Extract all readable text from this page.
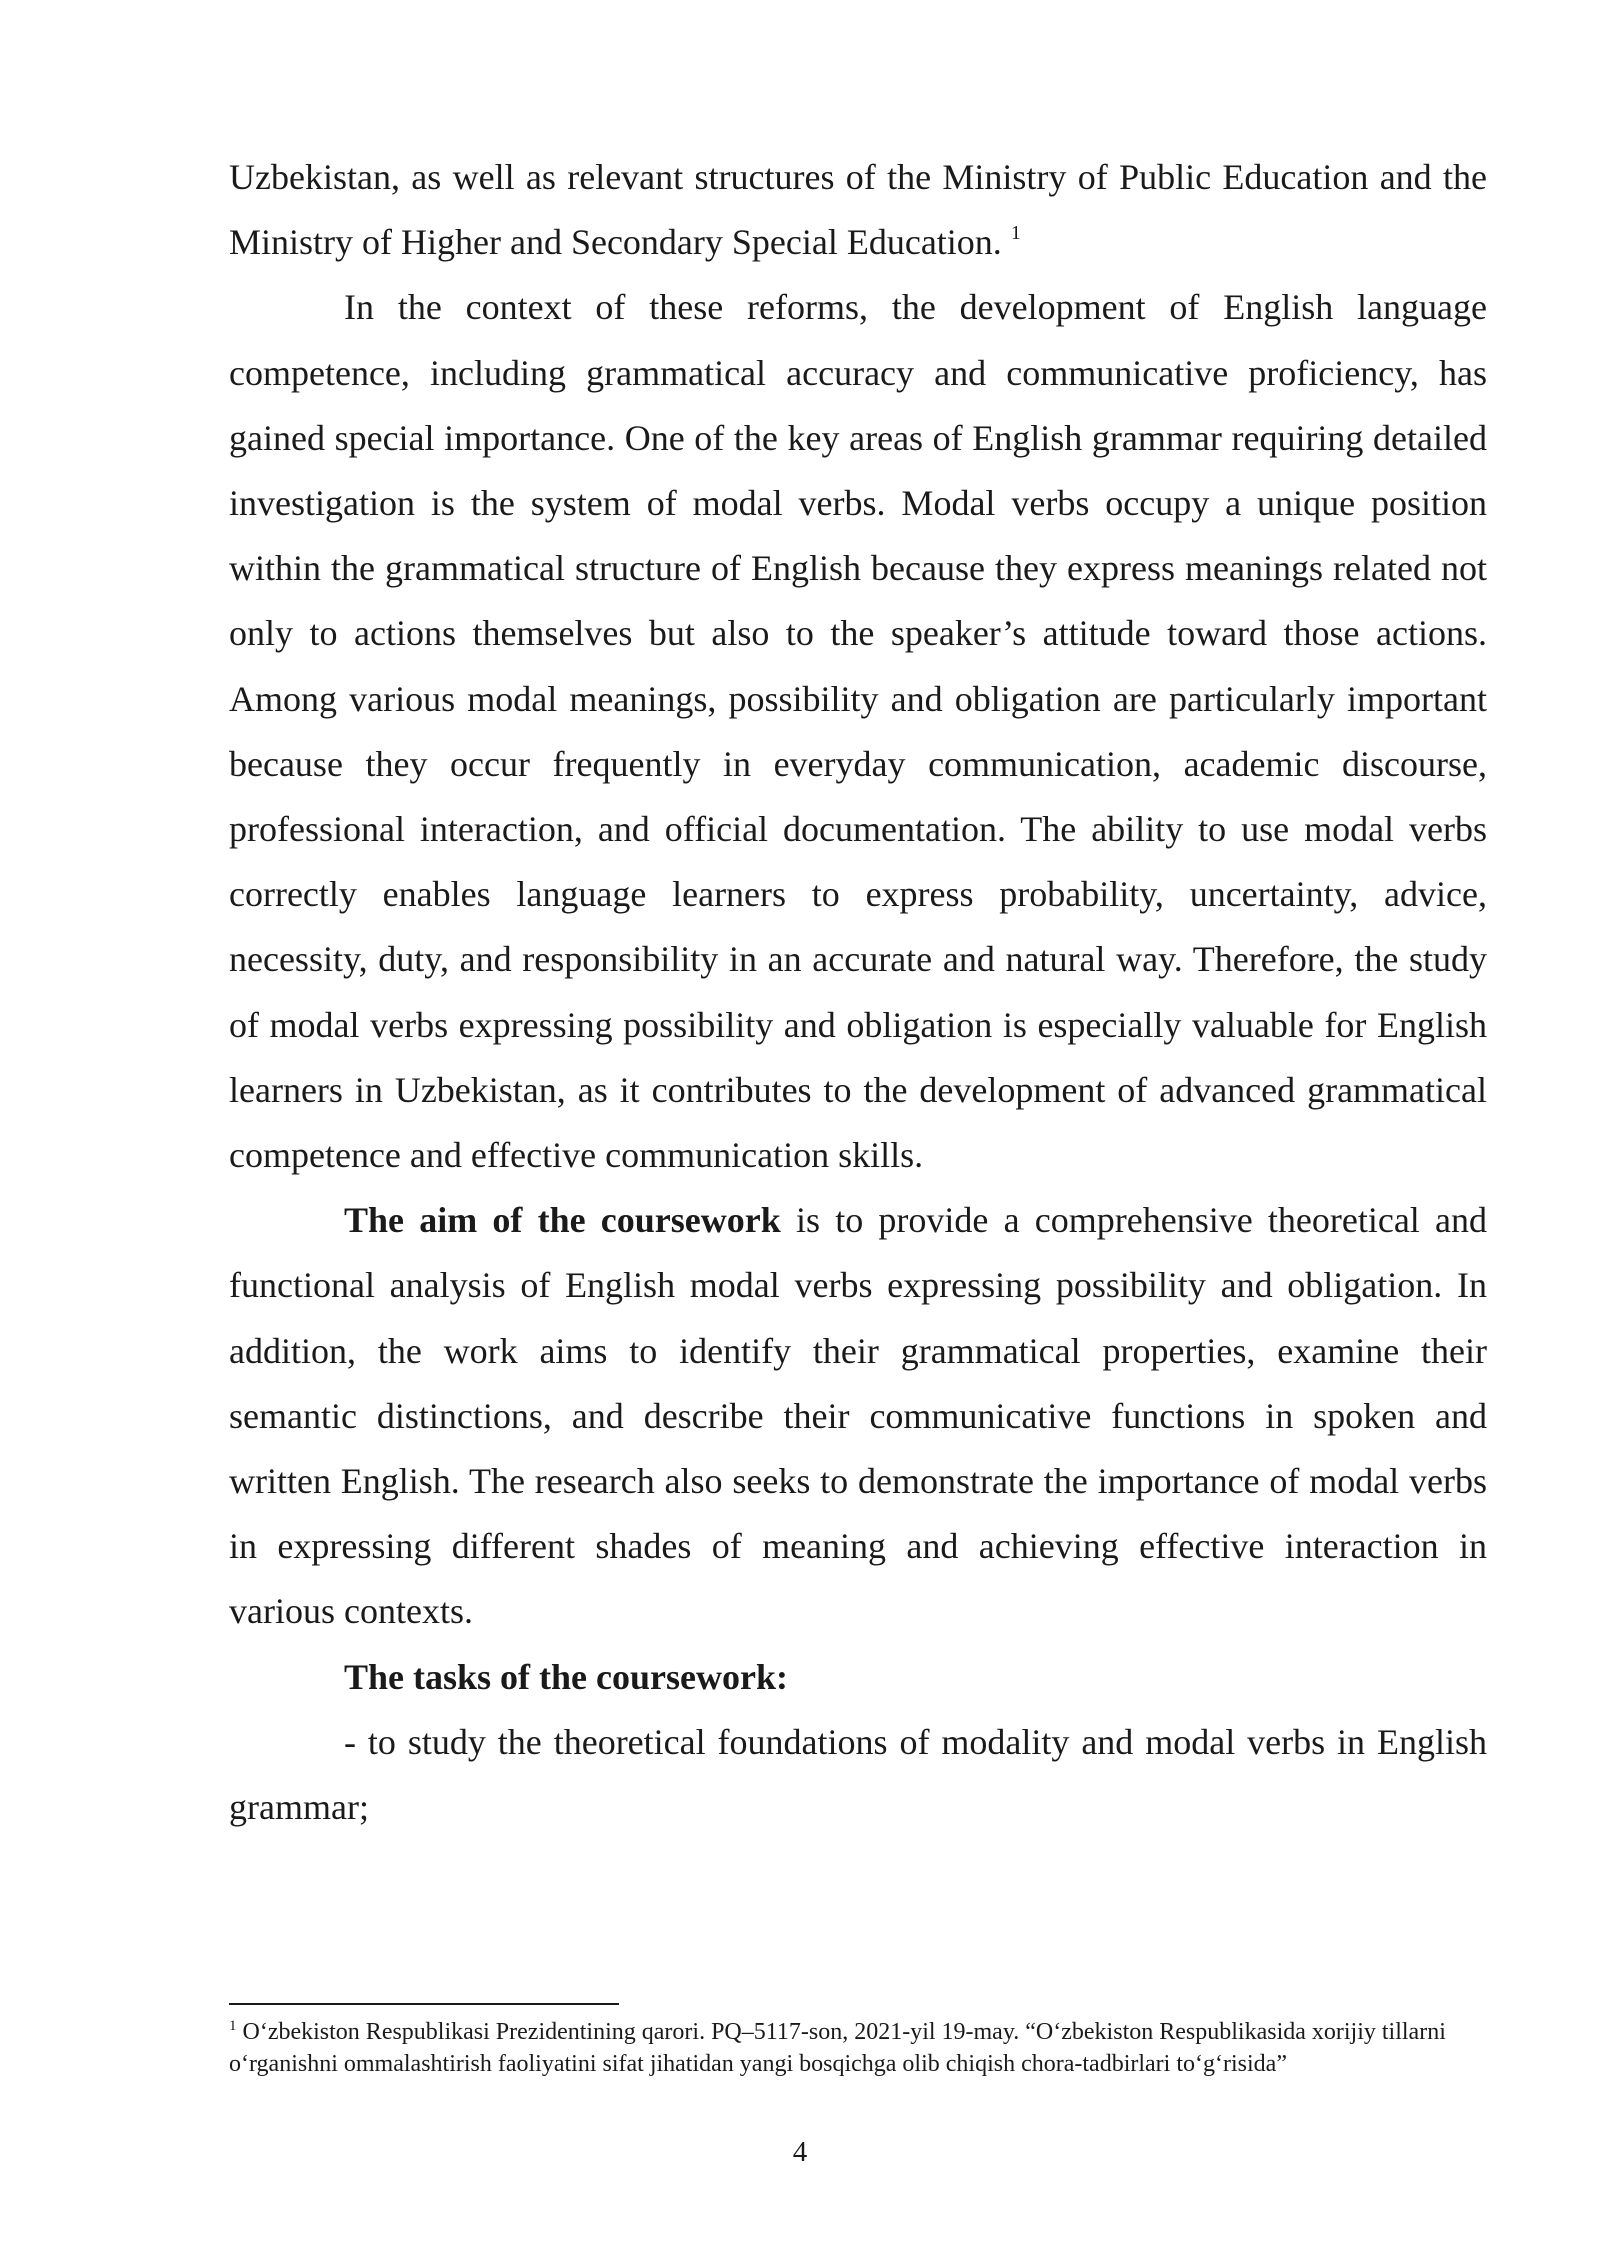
Uzbekistan, as well as relevant structures of the Ministry of Public Education and the Ministry of Higher and Secondary Special Education. $^1$

In the context of these reforms, the development of English language competence, including grammatical accuracy and communicative proficiency, has gained special importance. One of the key areas of English grammar requiring detailed investigation is the system of modal verbs. Modal verbs occupy a unique position within the grammatical structure of English because they express meanings related not only to actions themselves but also to the speaker’s attitude toward those actions. Among various modal meanings, possibility and obligation are particularly important because they occur frequently in everyday communication, academic discourse, professional interaction, and official documentation. The ability to use modal verbs correctly enables language learners to express probability, uncertainty, advice, necessity, duty, and responsibility in an accurate and natural way. Therefore, the study of modal verbs expressing possibility and obligation is especially valuable for English learners in Uzbekistan, as it contributes to the development of advanced grammatical competence and effective communication skills.

The aim of the coursework is to provide a comprehensive theoretical and functional analysis of English modal verbs expressing possibility and obligation. In addition, the work aims to identify their grammatical properties, examine their semantic distinctions, and describe their communicative functions in spoken and written English. The research also seeks to demonstrate the importance of modal verbs in expressing different shades of meaning and achieving effective interaction in various contexts.

The tasks of the coursework:

- to study the theoretical foundations of modality and modal verbs in English grammar;

$^1$ O‘zbekiston Respublikasi Prezidentining qarori. PQ–5117-son, 2021-yil 19-may. “O‘zbekiston Respublikasida xorijiy tillarni o‘rganishni ommalashtirish faoliyatini sifat jihatidan yangi bosqichga olib chiqish chora-tadbirlari to‘g‘risida”

4
